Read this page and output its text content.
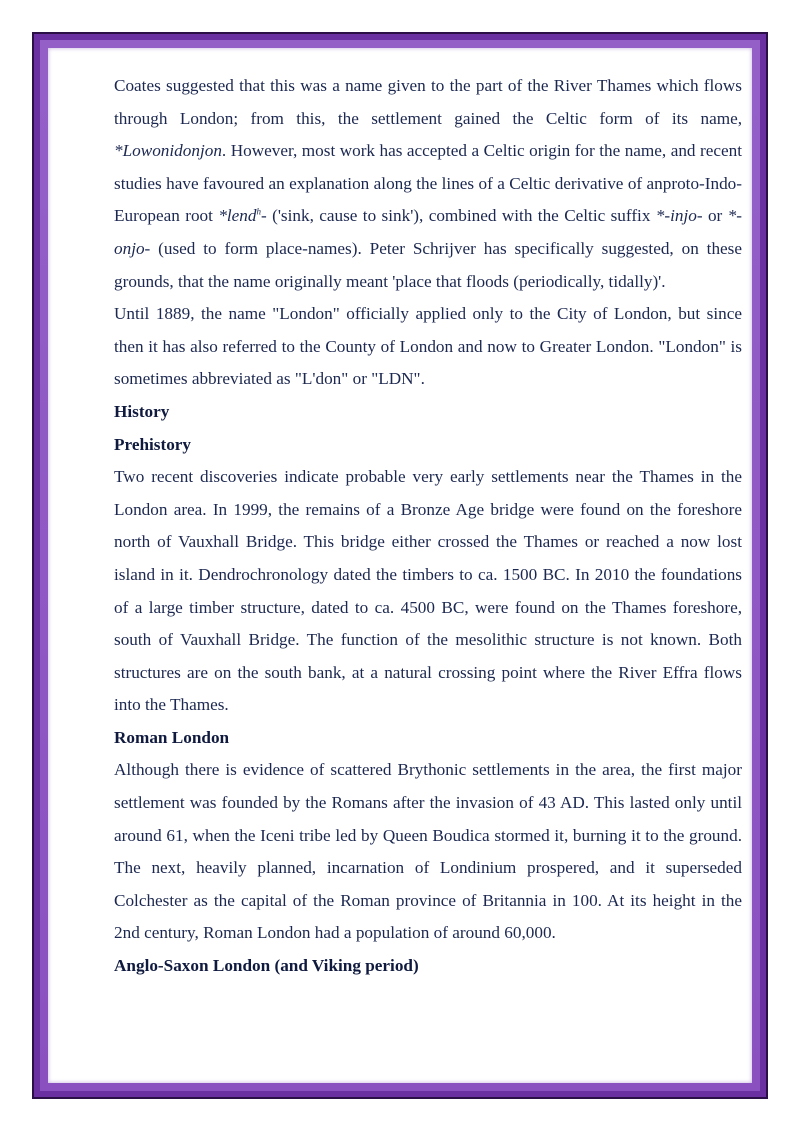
Coates suggested that this was a name given to the part of the River Thames which flows through London; from this, the settlement gained the Celtic form of its name, *Lowonidonjon. However, most work has accepted a Celtic origin for the name, and recent studies have favoured an explanation along the lines of a Celtic derivative of anproto-Indo-European root *lend$^h$- ('sink, cause to sink'), combined with the Celtic suffix *-injo- or *-onjo- (used to form place-names). Peter Schrijver has specifically suggested, on these grounds, that the name originally meant 'place that floods (periodically, tidally)'.

Until 1889, the name "London" officially applied only to the City of London, but since then it has also referred to the County of London and now to Greater London. "London" is sometimes abbreviated as "L'don" or "LDN".

History

Prehistory

Two recent discoveries indicate probable very early settlements near the Thames in the London area. In 1999, the remains of a Bronze Age bridge were found on the foreshore north of Vauxhall Bridge. This bridge either crossed the Thames or reached a now lost island in it. Dendrochronology dated the timbers to ca. 1500 BC. In 2010 the foundations of a large timber structure, dated to ca. 4500 BC, were found on the Thames foreshore, south of Vauxhall Bridge. The function of the mesolithic structure is not known. Both structures are on the south bank, at a natural crossing point where the River Effra flows into the Thames.

Roman London

Although there is evidence of scattered Brythonic settlements in the area, the first major settlement was founded by the Romans after the invasion of 43 AD. This lasted only until around 61, when the Iceni tribe led by Queen Boudica stormed it, burning it to the ground. The next, heavily planned, incarnation of Londinium prospered, and it superseded Colchester as the capital of the Roman province of Britannia in 100. At its height in the 2nd century, Roman London had a population of around 60,000.

Anglo-Saxon London (and Viking period)
